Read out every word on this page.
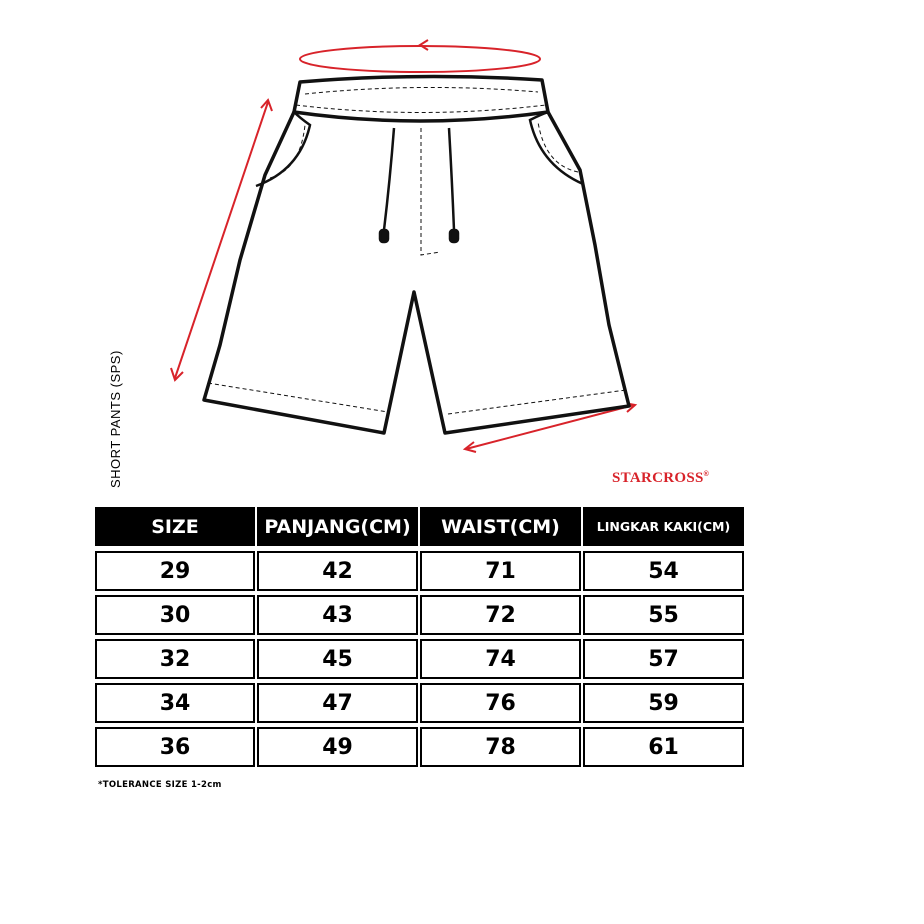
SHORT PANTS (SPS)	STARCROSS®
SIZE	PANJANG(CM)	WAIST(CM)	LINGKAR KAKI(CM)
29	42	71	54
30	43	72	55
32	45	74	57
34	47	76	59
36	49	78	61
*TOLERANCE SIZE 1-2cm
